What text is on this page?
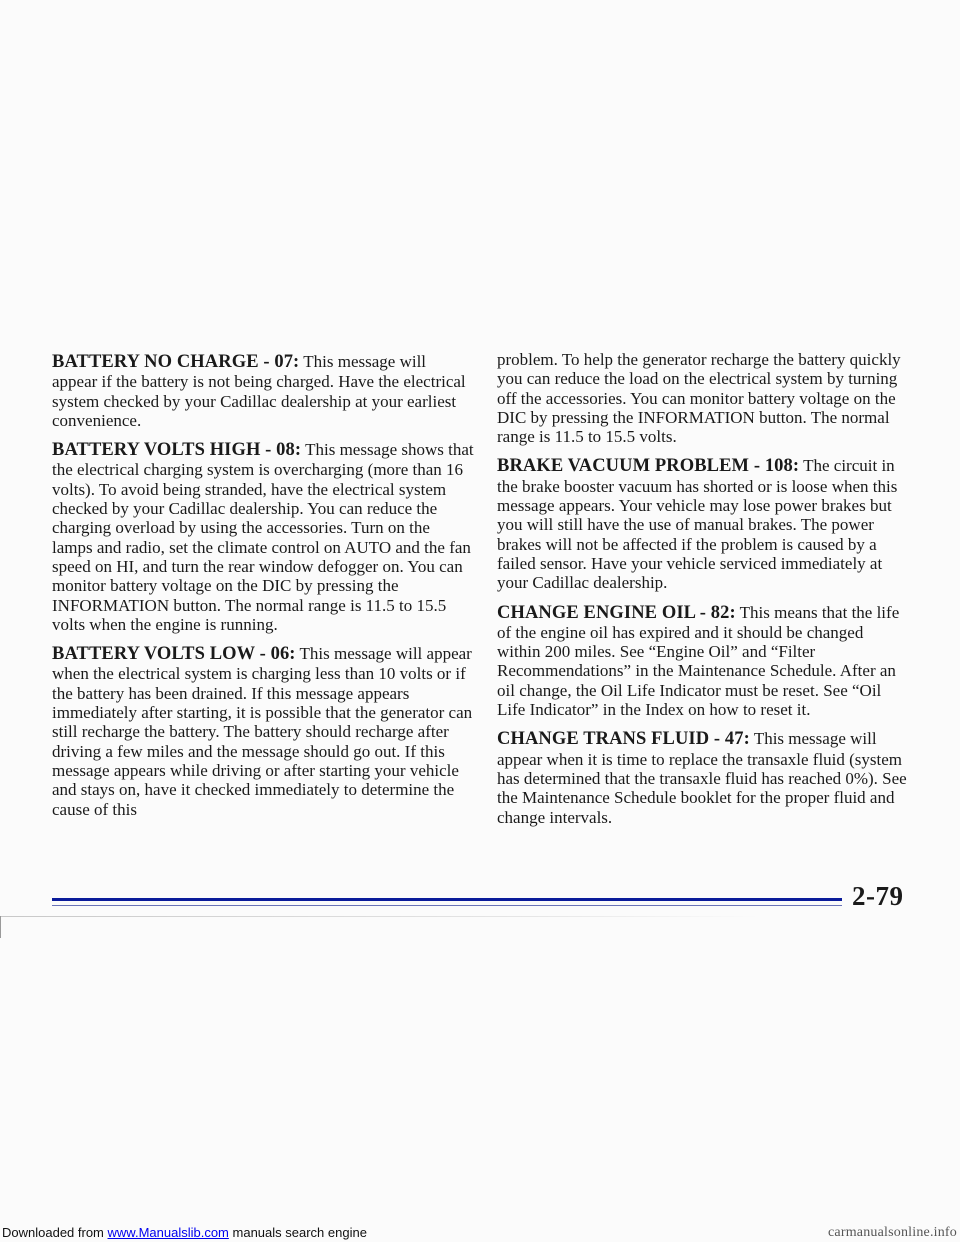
BATTERY NO CHARGE - 07: This message will appear if the battery is not being charged. Have the electrical system checked by your Cadillac dealership at your earliest convenience.

BATTERY VOLTS HIGH - 08: This message shows that the electrical charging system is overcharging (more than 16 volts). To avoid being stranded, have the electrical system checked by your Cadillac dealership. You can reduce the charging overload by using the accessories. Turn on the lamps and radio, set the climate control on AUTO and the fan speed on HI, and turn the rear window defogger on. You can monitor battery voltage on the DIC by pressing the INFORMATION button. The normal range is 11.5 to 15.5 volts when the engine is running.

BATTERY VOLTS LOW - 06: This message will appear when the electrical system is charging less than 10 volts or if the battery has been drained. If this message appears immediately after starting, it is possible that the generator can still recharge the battery. The battery should recharge after driving a few miles and the message should go out. If this message appears while driving or after starting your vehicle and stays on, have it checked immediately to determine the cause of this

problem. To help the generator recharge the battery quickly you can reduce the load on the electrical system by turning off the accessories. You can monitor battery voltage on the DIC by pressing the INFORMATION button. The normal range is 11.5 to 15.5 volts.

BRAKE VACUUM PROBLEM - 108: The circuit in the brake booster vacuum has shorted or is loose when this message appears. Your vehicle may lose power brakes but you will still have the use of manual brakes. The power brakes will not be affected if the problem is caused by a failed sensor. Have your vehicle serviced immediately at your Cadillac dealership.

CHANGE ENGINE OIL - 82: This means that the life of the engine oil has expired and it should be changed within 200 miles. See “Engine Oil” and “Filter Recommendations” in the Maintenance Schedule. After an oil change, the Oil Life Indicator must be reset. See “Oil Life Indicator” in the Index on how to reset it.

CHANGE TRANS FLUID - 47: This message will appear when it is time to replace the transaxle fluid (system has determined that the transaxle fluid has reached 0%). See the Maintenance Schedule booklet for the proper fluid and change intervals.

2-79
Downloaded from www.Manualslib.com manuals search engine	carmanualsonline.info
